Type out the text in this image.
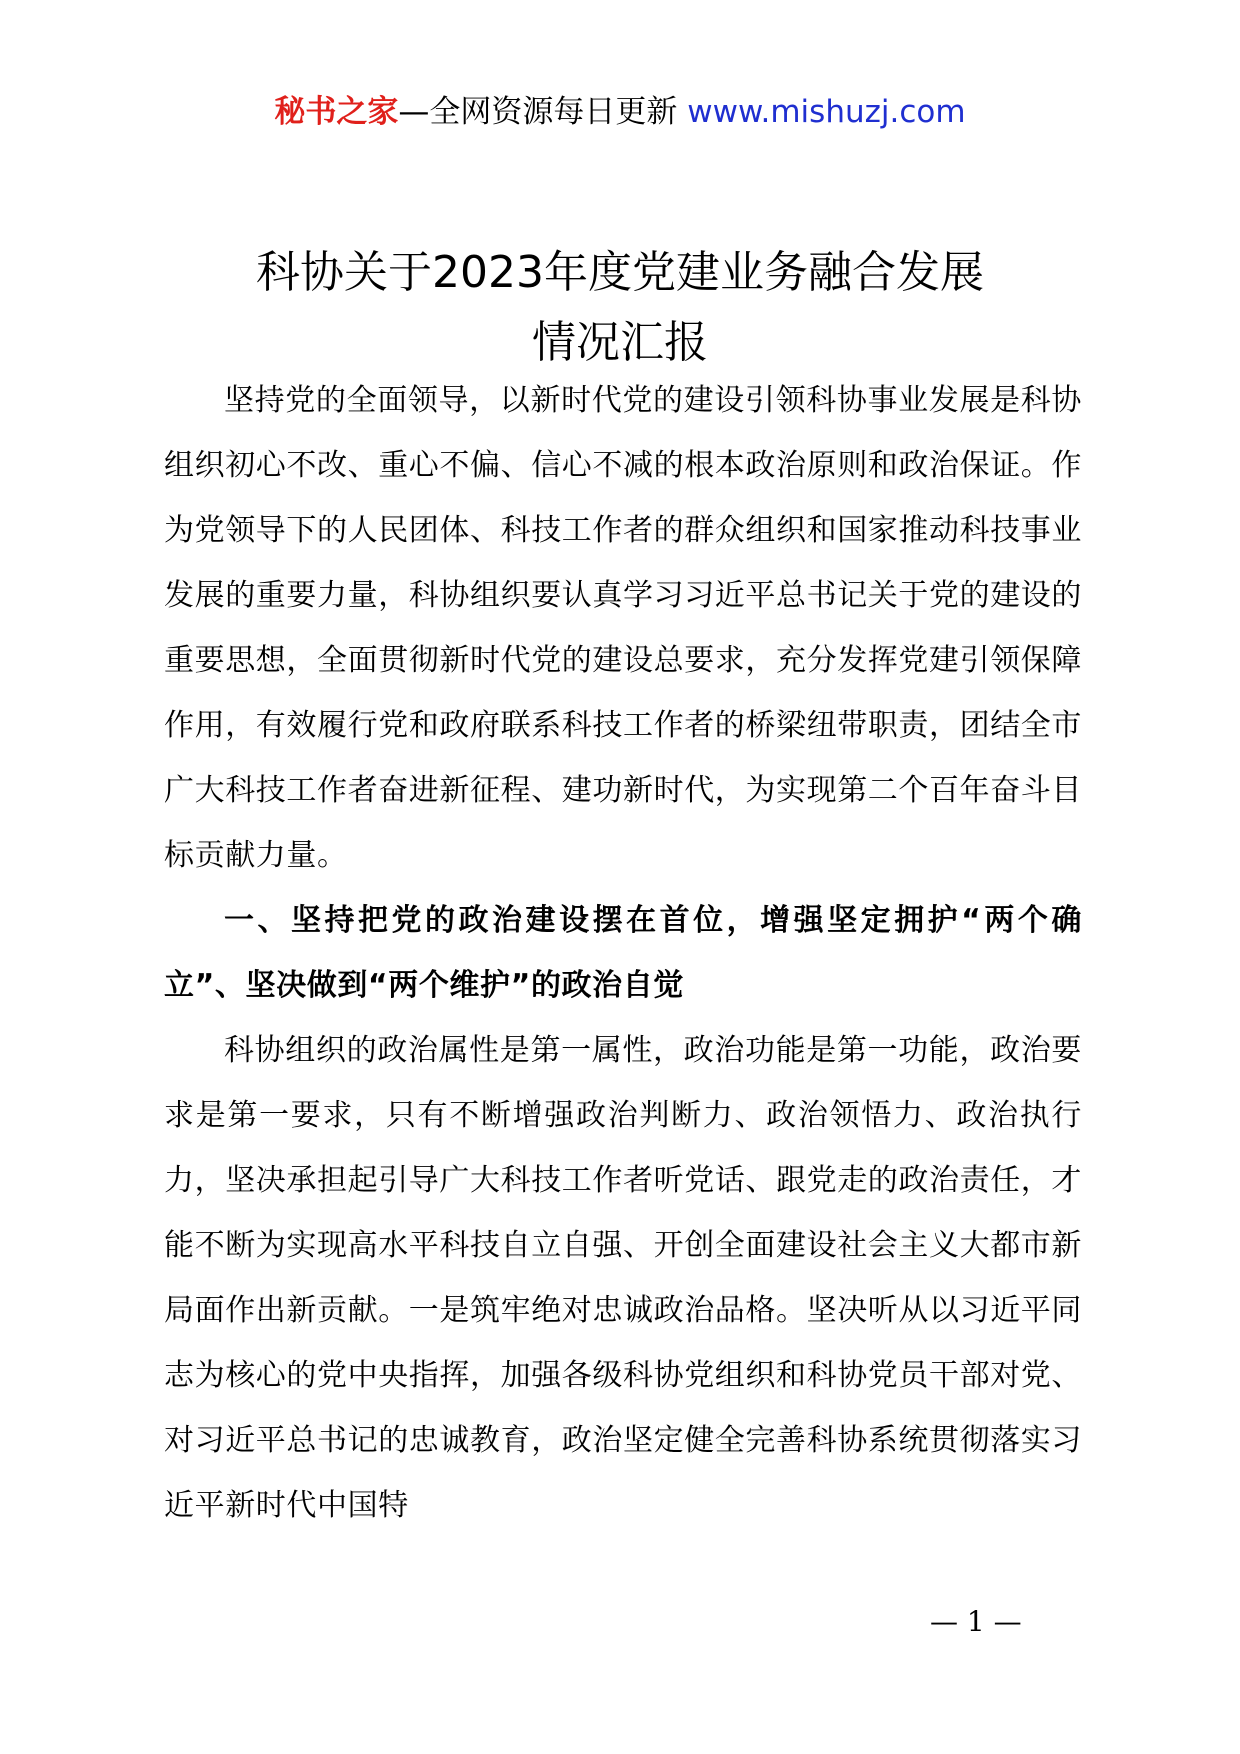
秘书之家—全网资源每日更新 www.mishuzj.com
科协关于2023年度党建业务融合发展
情况汇报

坚持党的全面领导，以新时代党的建设引领科协事业发展是科协组织初心不改、重心不偏、信心不减的根本政治原则和政治保证。作为党领导下的人民团体、科技工作者的群众组织和国家推动科技事业发展的重要力量，科协组织要认真学习习近平总书记关于党的建设的重要思想，全面贯彻新时代党的建设总要求，充分发挥党建引领保障作用，有效履行党和政府联系科技工作者的桥梁纽带职责，团结全市广大科技工作者奋进新征程、建功新时代，为实现第二个百年奋斗目标贡献力量。

一、坚持把党的政治建设摆在首位，增强坚定拥护“两个确立”、坚决做到“两个维护”的政治自觉

科协组织的政治属性是第一属性，政治功能是第一功能，政治要求是第一要求，只有不断增强政治判断力、政治领悟力、政治执行力，坚决承担起引导广大科技工作者听党话、跟党走的政治责任，才能不断为实现高水平科技自立自强、开创全面建设社会主义大都市新局面作出新贡献。一是筑牢绝对忠诚政治品格。坚决听从以习近平同志为核心的党中央指挥，加强各级科协党组织和科协党员干部对党、对习近平总书记的忠诚教育，政治坚定健全完善科协系统贯彻落实习近平新时代中国特

— 1 —
